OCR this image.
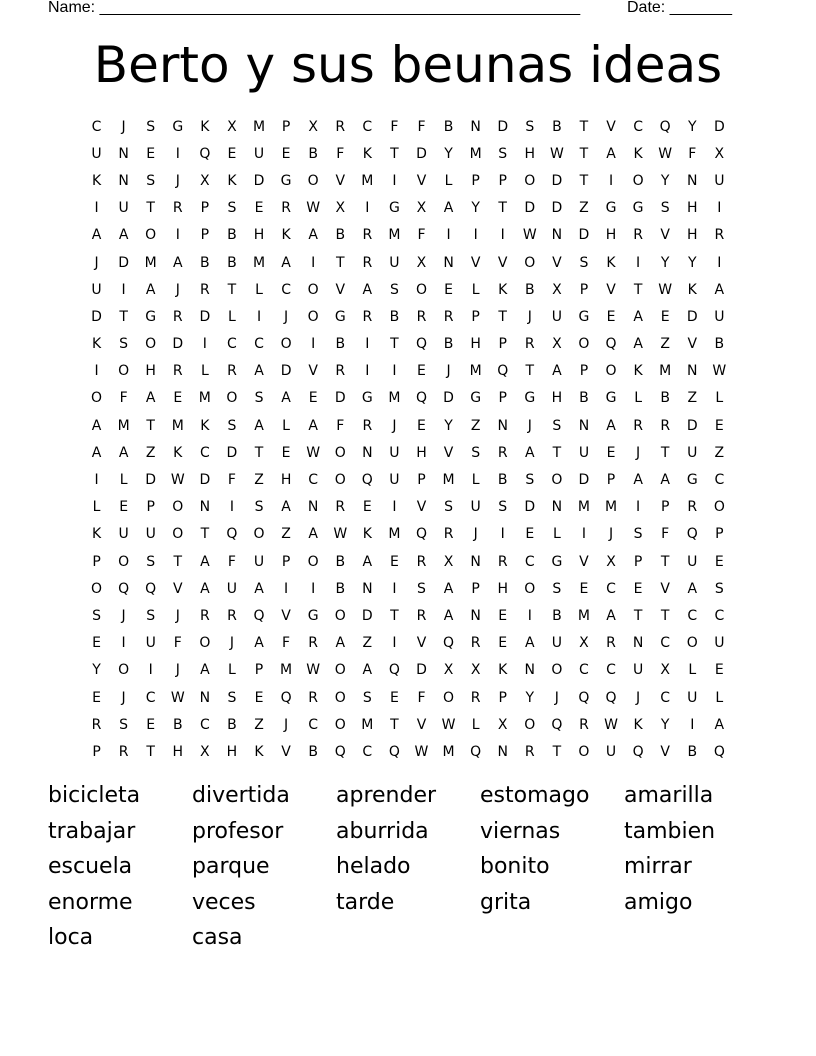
Name: ______________________________________________________	Date: _______
Berto y sus beunas ideas
C	J	S	G	K	X	M	P	X	R	C	F	F	B	N	D	S	B	T	V	C	Q	Y	D
U	N	E	I	Q	E	U	E	B	F	K	T	D	Y	M	S	H	W	T	A	K	W	F	X
K	N	S	J	X	K	D	G	O	V	M	I	V	L	P	P	O	D	T	I	O	Y	N	U
I	U	T	R	P	S	E	R	W	X	I	G	X	A	Y	T	D	D	Z	G	G	S	H	I
A	A	O	I	P	B	H	K	A	B	R	M	F	I	I	I	W	N	D	H	R	V	H	R
J	D	M	A	B	B	M	A	I	T	R	U	X	N	V	V	O	V	S	K	I	Y	Y	I
U	I	A	J	R	T	L	C	O	V	A	S	O	E	L	K	B	X	P	V	T	W	K	A
D	T	G	R	D	L	I	J	O	G	R	B	R	R	P	T	J	U	G	E	A	E	D	U
K	S	O	D	I	C	C	O	I	B	I	T	Q	B	H	P	R	X	O	Q	A	Z	V	B
I	O	H	R	L	R	A	D	V	R	I	I	E	J	M	Q	T	A	P	O	K	M	N	W
O	F	A	E	M	O	S	A	E	D	G	M	Q	D	G	P	G	H	B	G	L	B	Z	L
A	M	T	M	K	S	A	L	A	F	R	J	E	Y	Z	N	J	S	N	A	R	R	D	E
A	A	Z	K	C	D	T	E	W	O	N	U	H	V	S	R	A	T	U	E	J	T	U	Z
I	L	D	W	D	F	Z	H	C	O	Q	U	P	M	L	B	S	O	D	P	A	A	G	C
L	E	P	O	N	I	S	A	N	R	E	I	V	S	U	S	D	N	M	M	I	P	R	O
K	U	U	O	T	Q	O	Z	A	W	K	M	Q	R	J	I	E	L	I	J	S	F	Q	P
P	O	S	T	A	F	U	P	O	B	A	E	R	X	N	R	C	G	V	X	P	T	U	E
O	Q	Q	V	A	U	A	I	I	B	N	I	S	A	P	H	O	S	E	C	E	V	A	S
S	J	S	J	R	R	Q	V	G	O	D	T	R	A	N	E	I	B	M	A	T	T	C	C
E	I	U	F	O	J	A	F	R	A	Z	I	V	Q	R	E	A	U	X	R	N	C	O	U
Y	O	I	J	A	L	P	M	W	O	A	Q	D	X	X	K	N	O	C	C	U	X	L	E
E	J	C	W	N	S	E	Q	R	O	S	E	F	O	R	P	Y	J	Q	Q	J	C	U	L
R	S	E	B	C	B	Z	J	C	O	M	T	V	W	L	X	O	Q	R	W	K	Y	I	A
P	R	T	H	X	H	K	V	B	Q	C	Q	W	M	Q	N	R	T	O	U	Q	V	B	Q
bicicleta	divertida	aprender	estomago	amarilla
trabajar	profesor	aburrida	viernas	tambien
escuela	parque	helado	bonito	mirrar
enorme	veces	tarde	grita	amigo
loca	casa
